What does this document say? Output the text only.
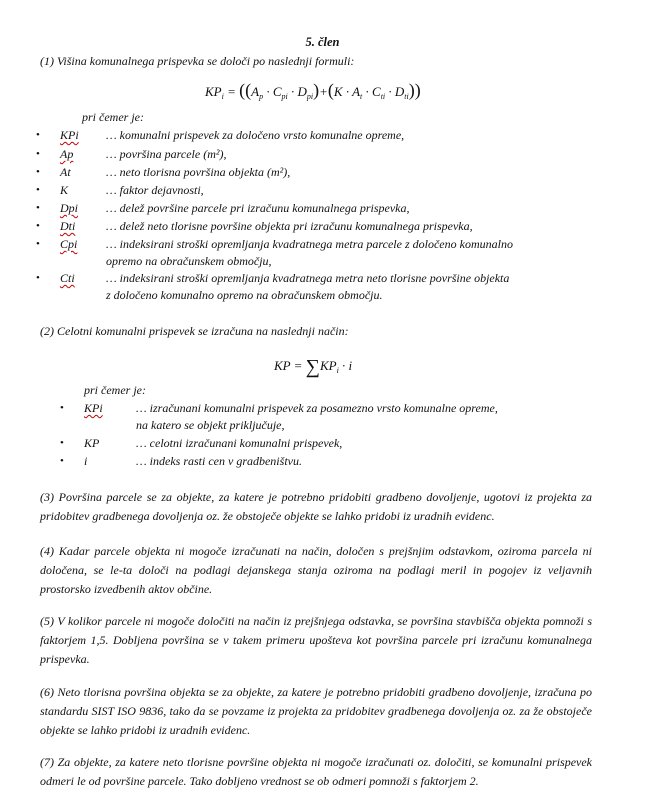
5. člen
(1) Višina komunalnega prispevka se določi po naslednji formuli:
$KP_i = ((A_p \cdot C_{pi} \cdot D_{pi})+(K \cdot A_t \cdot C_{ti} \cdot D_{ti}))$
pri čemer je:
• KPi … komunalni prispevek za določeno vrsto komunalne opreme,
• Ap	… površina parcele (m²),
• At	… neto tlorisna površina objekta (m²),
• K	… faktor dejavnosti,
• Dpi … delež površine parcele pri izračunu komunalnega prispevka,
• Dti	… delež neto tlorisne površine objekta pri izračunu komunalnega prispevka,
• Cpi … indeksirani stroški opremljanja kvadratnega metra parcele z določeno komunalno
opremo na obračunskem območju,
• Cti	… indeksirani stroški opremljanja kvadratnega metra neto tlorisne površine objekta
z določeno komunalno opremo na obračunskem območju.
(2) Celotni komunalni prispevek se izračuna na naslednji način:
KP = $\sum KP_i \cdot i$
pri čemer je:
• KPi	… izračunani komunalni prispevek za posamezno vrsto komunalne opreme,
na katero se objekt priključuje,
• KP	… celotni izračunani komunalni prispevek,
• i	… indeks rasti cen v gradbeništvu.
(3) Površina parcele se za objekte, za katere je potrebno pridobiti gradbeno dovoljenje, ugotovi iz projekta za pridobitev gradbenega dovoljenja oz. že obstoječe objekte se lahko pridobi iz uradnih evidenc.
(4) Kadar parcele objekta ni mogoče izračunati na način, določen s prejšnjim odstavkom, oziroma parcela ni določena, se le-ta določi na podlagi dejanskega stanja oziroma na podlagi meril in pogojev iz veljavnih prostorsko izvedbenih aktov občine.
(5) V kolikor parcele ni mogoče določiti na način iz prejšnjega odstavka, se površina stavbišča objekta pomnoži s faktorjem 1,5. Dobljena površina se v takem primeru upošteva kot površina parcele pri izračunu komunalnega prispevka.
(6) Neto tlorisna površina objekta se za objekte, za katere je potrebno pridobiti gradbeno dovoljenje, izračuna po standardu SIST ISO 9836, tako da se povzame iz projekta za pridobitev gradbenega dovoljenja oz. za že obstoječe objekte se lahko pridobi iz uradnih evidenc.
(7) Za objekte, za katere neto tlorisne površine objekta ni mogoče izračunati oz. določiti, se komunalni prispevek odmeri le od površine parcele. Tako dobljeno vrednost se ob odmeri pomnoži s faktorjem 2.
